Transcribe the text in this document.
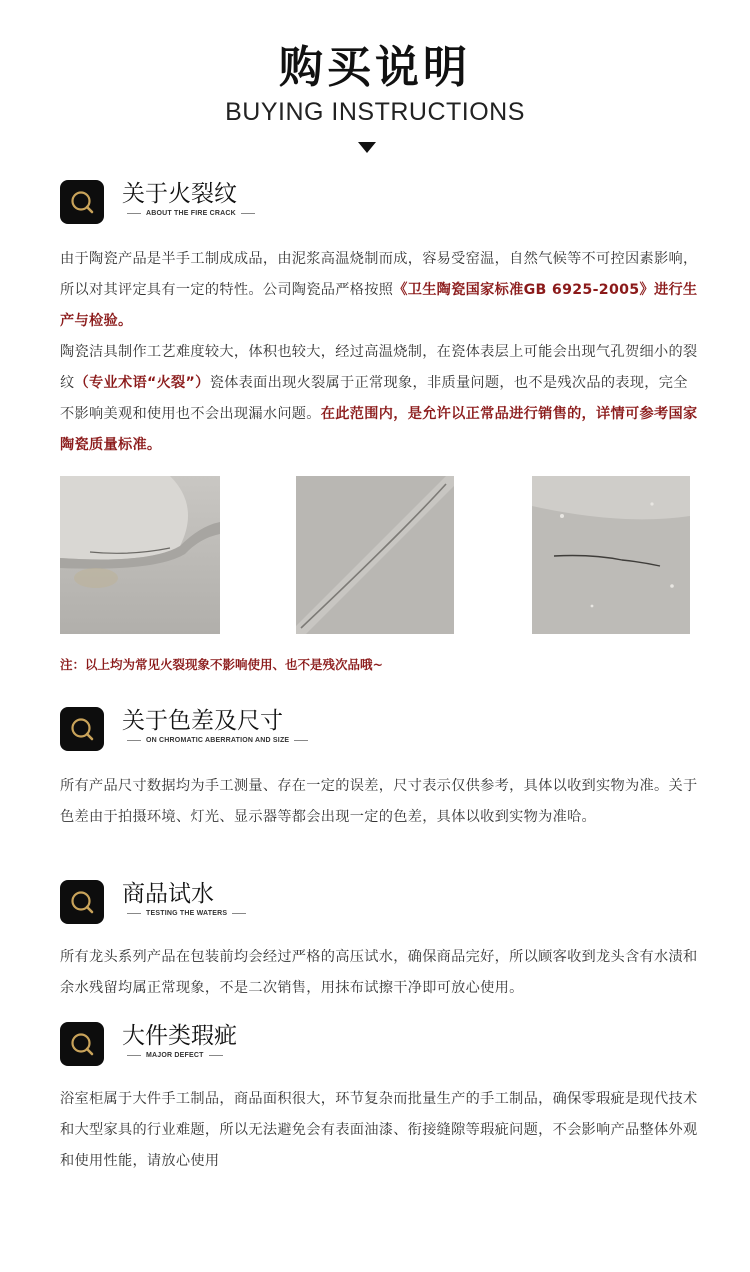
购买说明
BUYING INSTRUCTIONS
关于火裂纹
ABOUT THE FIRE CRACK

由于陶瓷产品是半手工制成成品，由泥浆高温烧制而成，容易受窑温，自然气候等不可控因素影响，所以对其评定具有一定的特性。公司陶瓷品严格按照《卫生陶瓷国家标准GB 6925-2005》进行生产与检验。

陶瓷洁具制作工艺难度较大，体积也较大，经过高温烧制，在瓷体表层上可能会出现气孔贺细小的裂纹（专业术语“火裂”）瓷体表面出现火裂属于正常现象，非质量问题，也不是残次品的表现，完全不影响美观和使用也不会出现漏水问题。在此范围内，是允许以正常品进行销售的，详情可参考国家陶瓷质量标准。

注：以上均为常见火裂现象不影响使用、也不是残次品哦~
关于色差及尺寸
ON CHROMATIC ABERRATION AND SIZE

所有产品尺寸数据均为手工测量、存在一定的误差，尺寸表示仅供参考，具体以收到实物为准。关于色差由于拍摄环境、灯光、显示器等都会出现一定的色差，具体以收到实物为准哈。

商品试水
TESTING THE WATERS

所有龙头系列产品在包装前均会经过严格的高压试水，确保商品完好，所以顾客收到龙头含有水渍和余水残留均属正常现象，不是二次销售，用抹布试擦干净即可放心使用。

大件类瑕疵
MAJOR DEFECT

浴室柜属于大件手工制品，商品面积很大，环节复杂而批量生产的手工制品，确保零瑕疵是现代技术和大型家具的行业难题，所以无法避免会有表面油漆、衔接缝隙等瑕疵问题，不会影响产品整体外观和使用性能，请放心使用
